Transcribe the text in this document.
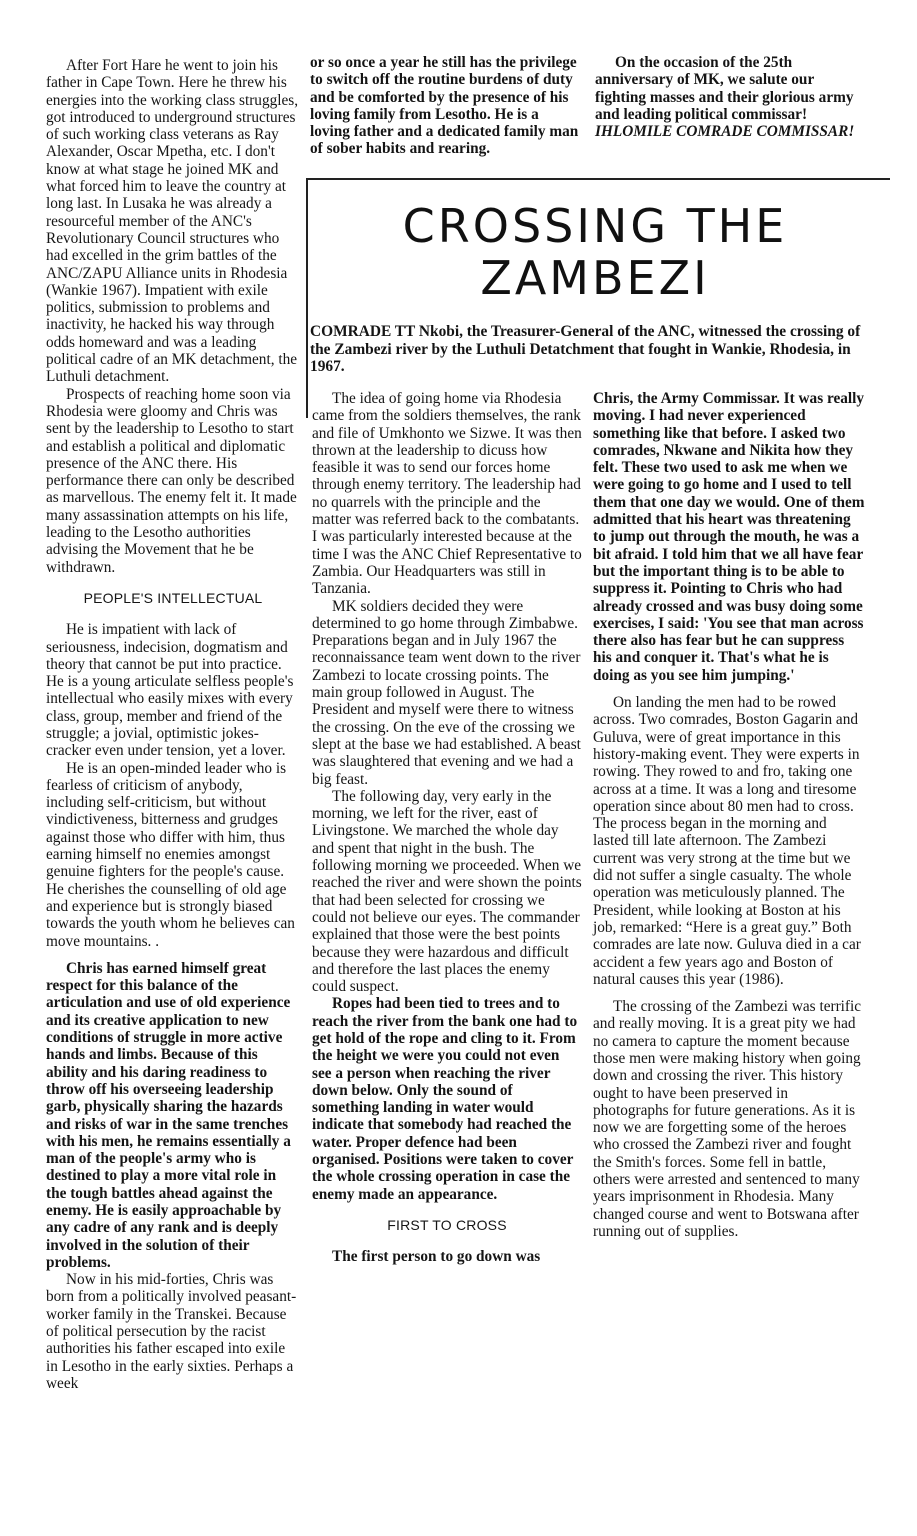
After Fort Hare he went to join his father in Cape Town. Here he threw his energies into the working class struggles, got introduced to underground structures of such working class veterans as Ray Alexander, Oscar Mpetha, etc. I don't know at what stage he joined MK and what forced him to leave the country at long last. In Lusaka he was already a resourceful member of the ANC's Revolutionary Council structures who had excelled in the grim battles of the ANC/ZAPU Alliance units in Rhodesia (Wankie 1967). Impatient with exile politics, submission to problems and inactivity, he hacked his way through odds homeward and was a leading political cadre of an MK detachment, the Luthuli detachment.

Prospects of reaching home soon via Rhodesia were gloomy and Chris was sent by the leadership to Lesotho to start and establish a political and diplomatic presence of the ANC there. His performance there can only be described as marvellous. The enemy felt it. It made many assassination attempts on his life, leading to the Lesotho authorities advising the Movement that he be withdrawn.

PEOPLE'S INTELLECTUAL

He is impatient with lack of seriousness, indecision, dogmatism and theory that cannot be put into practice. He is a young articulate selfless people's intellectual who easily mixes with every class, group, member and friend of the struggle; a jovial, optimistic jokes-cracker even under tension, yet a lover.

He is an open-minded leader who is fearless of criticism of anybody, including self-criticism, but without vindictiveness, bitterness and grudges against those who differ with him, thus earning himself no enemies amongst genuine fighters for the people's cause. He cherishes the counselling of old age and experience but is strongly biased towards the youth whom he believes can move mountains. .

Chris has earned himself great respect for this balance of the articulation and use of old experience and its creative application to new conditions of struggle in more active hands and limbs. Because of this ability and his daring readiness to throw off his overseeing leadership garb, physically sharing the hazards and risks of war in the same trenches with his men, he remains essentially a man of the people's army who is destined to play a more vital role in the tough battles ahead against the enemy. He is easily approachable by any cadre of any rank and is deeply involved in the solution of their problems.

Now in his mid-forties, Chris was born from a politically involved peasant-worker family in the Transkei. Because of political persecution by the racist authorities his father escaped into exile in Lesotho in the early sixties. Perhaps a week

or so once a year he still has the privilege to switch off the routine burdens of duty and be comforted by the presence of his loving family from Lesotho. He is a loving father and a dedicated family man of sober habits and rearing.

On the occasion of the 25th anniversary of MK, we salute our fighting masses and their glorious army and leading political commissar! IHLOMILE COMRADE COMMISSAR!

CROSSING THE
ZAMBEZI

COMRADE TT Nkobi, the Treasurer-General of the ANC, witnessed the crossing of the Zambezi river by the Luthuli Detatchment that fought in Wankie, Rhodesia, in 1967.

The idea of going home via Rhodesia came from the soldiers themselves, the rank and file of Umkhonto we Sizwe. It was then thrown at the leadership to dicuss how feasible it was to send our forces home through enemy territory. The leadership had no quarrels with the principle and the matter was referred back to the combatants. I was particularly interested because at the time I was the ANC Chief Representative to Zambia. Our Headquarters was still in Tanzania.

MK soldiers decided they were determined to go home through Zimbabwe. Preparations began and in July 1967 the reconnaissance team went down to the river Zambezi to locate crossing points. The main group followed in August. The President and myself were there to witness the crossing. On the eve of the crossing we slept at the base we had established. A beast was slaughtered that evening and we had a big feast.

The following day, very early in the morning, we left for the river, east of Livingstone. We marched the whole day and spent that night in the bush. The following morning we proceeded. When we reached the river and were shown the points that had been selected for crossing we could not believe our eyes. The commander explained that those were the best points because they were hazardous and difficult and therefore the last places the enemy could suspect.

Ropes had been tied to trees and to reach the river from the bank one had to get hold of the rope and cling to it. From the height we were you could not even see a person when reaching the river down below. Only the sound of something landing in water would indicate that somebody had reached the water. Proper defence had been organised. Positions were taken to cover the whole crossing operation in case the enemy made an appearance.

FIRST TO CROSS

The first person to go down was

Chris, the Army Commissar. It was really moving. I had never experienced something like that before. I asked two comrades, Nkwane and Nikita how they felt. These two used to ask me when we were going to go home and I used to tell them that one day we would. One of them admitted that his heart was threatening to jump out through the mouth, he was a bit afraid. I told him that we all have fear but the important thing is to be able to suppress it. Pointing to Chris who had already crossed and was busy doing some exercises, I said: 'You see that man across there also has fear but he can suppress his and conquer it. That's what he is doing as you see him jumping.'

On landing the men had to be rowed across. Two comrades, Boston Gagarin and Guluva, were of great importance in this history-making event. They were experts in rowing. They rowed to and fro, taking one across at a time. It was a long and tiresome operation since about 80 men had to cross. The process began in the morning and lasted till late afternoon. The Zambezi current was very strong at the time but we did not suffer a single casualty. The whole operation was meticulously planned. The President, while looking at Boston at his job, remarked: “Here is a great guy.” Both comrades are late now. Guluva died in a car accident a few years ago and Boston of natural causes this year (1986).

The crossing of the Zambezi was terrific and really moving. It is a great pity we had no camera to capture the moment because those men were making history when going down and crossing the river. This history ought to have been preserved in photographs for future generations. As it is now we are forgetting some of the heroes who crossed the Zambezi river and fought the Smith's forces. Some fell in battle, others were arrested and sentenced to many years imprisonment in Rhodesia. Many changed course and went to Botswana after running out of supplies.
